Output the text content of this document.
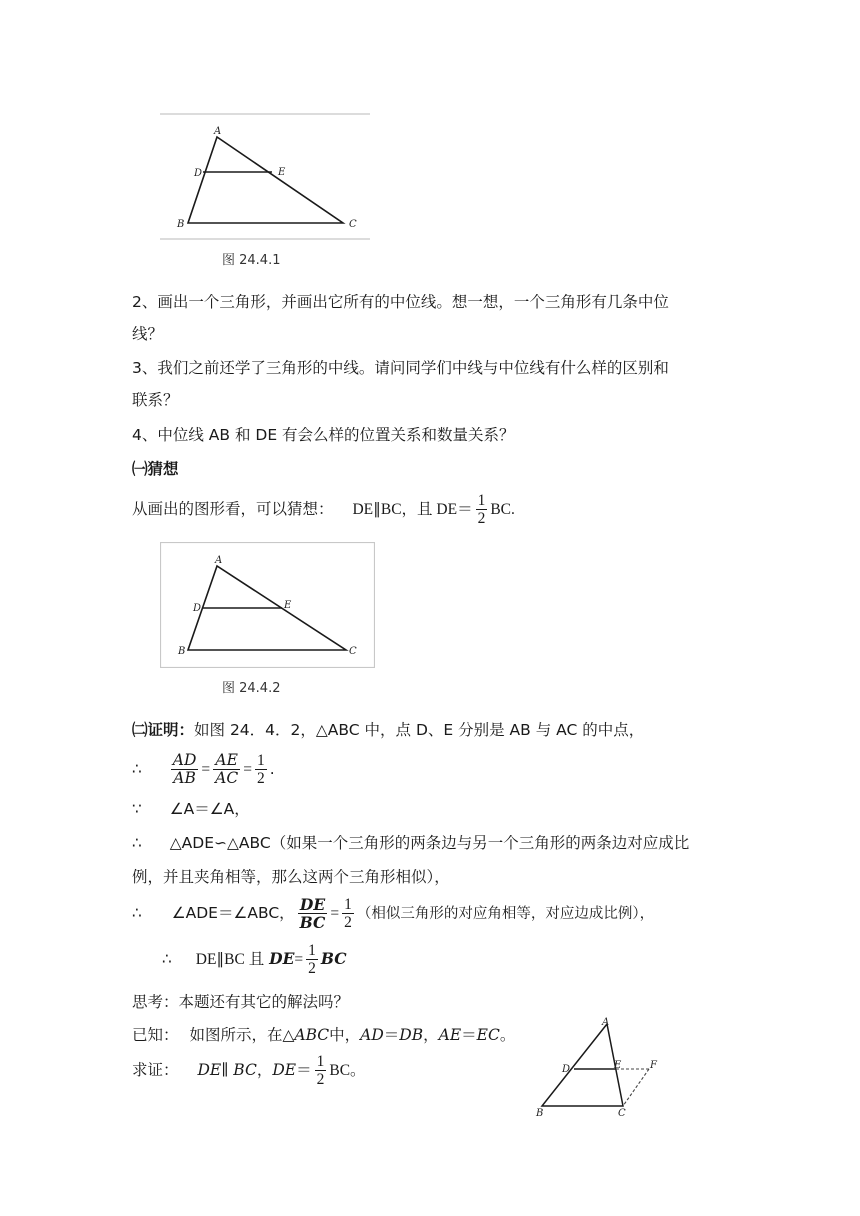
A
D	E
B	C
图 24.4.1
2、画出一个三角形，并画出它所有的中位线。想一想，一个三角形有几条中位
线？
3、我们之前还学了三角形的中线。请问同学们中线与中位线有什么样的区别和
联系？
4、中位线 AB 和 DE 有会么样的位置关系和数量关系？
㈠猜想
从画出的图形看，可以猜想： DE∥BC，且 $DE= \frac{1}{2}$ BC.
A
D	E
B	C
图 24.4.2
㈡证明：如图 24．4．2，△ABC 中，点 D、E 分别是 AB 与 AC 的中点，
∴ $\frac{AD}{AB} = \frac{AE}{AC} = \frac{1}{2}$ .
∵ ∠A＝∠A，
∴ △ADE∽△ABC（如果一个三角形的两条边与另一个三角形的两条边对应成比
例，并且夹角相等，那么这两个三角形相似），
∴ ∠ADE＝∠ABC， $\frac{DE}{BC} = \frac{1}{2}$ （相似三角形的对应角相等，对应边成比例），
∴ DE∥BC 且 $DE= \frac{1}{2}$ BC
思考：本题还有其它的解法吗？
已知： 如图所示，在△ABC中，AD＝DB，AE＝EC。
求证： DE∥ BC，$DE= \frac{1}{2}$ BC。
A
D	E	F
B	C
